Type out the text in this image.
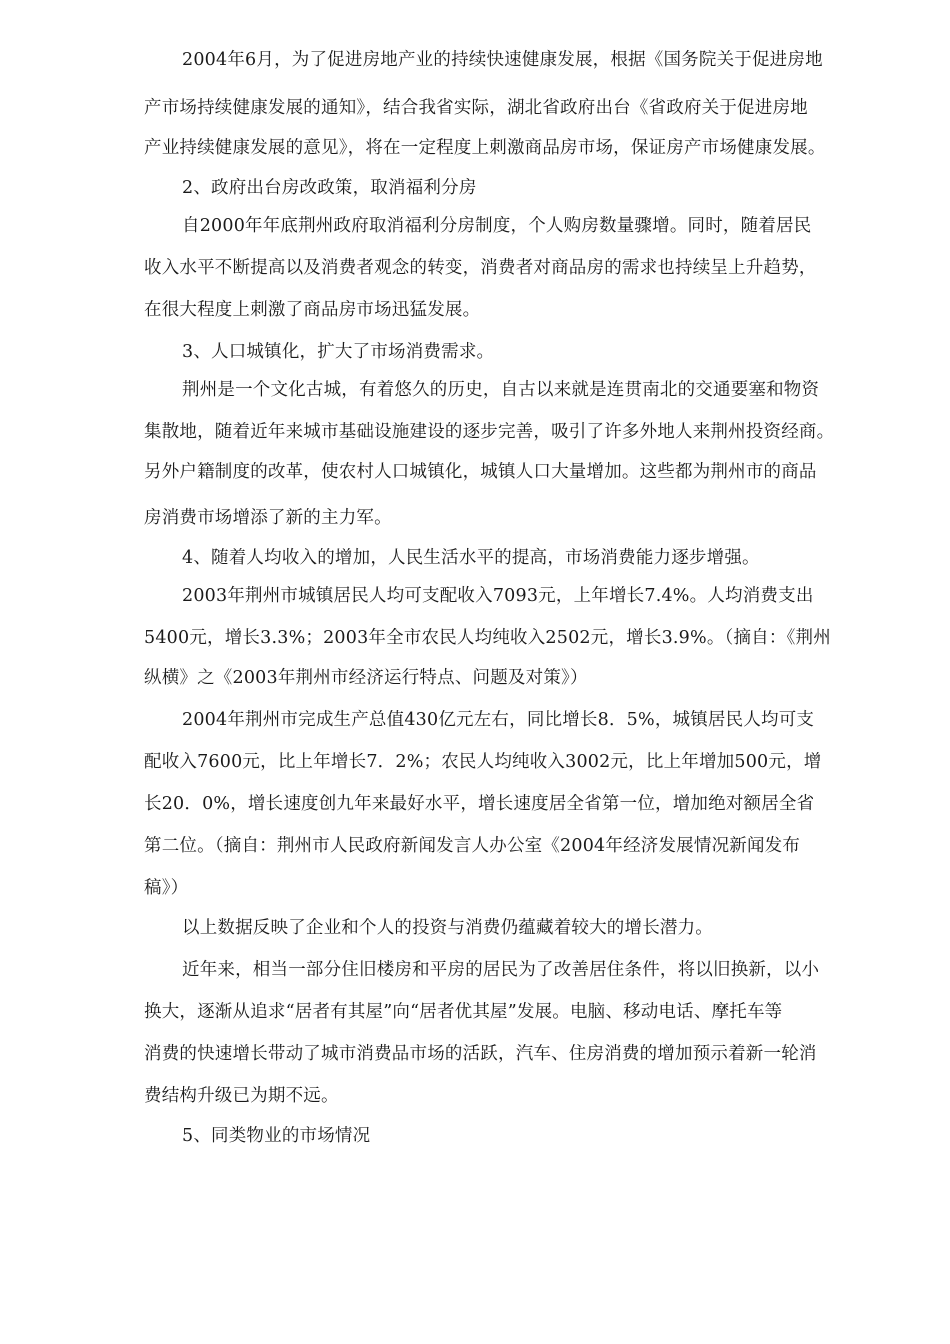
2004年6月，为了促进房地产业的持续快速健康发展，根据《国务院关于促进房地
产市场持续健康发展的通知》，结合我省实际，湖北省政府出台《省政府关于促进房地
产业持续健康发展的意见》，将在一定程度上刺激商品房市场，保证房产市场健康发展。
2、政府出台房改政策，取消福利分房
自2000年年底荆州政府取消福利分房制度，个人购房数量骤增。同时，随着居民
收入水平不断提高以及消费者观念的转变，消费者对商品房的需求也持续呈上升趋势，
在很大程度上刺激了商品房市场迅猛发展。
3、人口城镇化，扩大了市场消费需求。
荆州是一个文化古城，有着悠久的历史，自古以来就是连贯南北的交通要塞和物资
集散地，随着近年来城市基础设施建设的逐步完善，吸引了许多外地人来荆州投资经商。
另外户籍制度的改革，使农村人口城镇化，城镇人口大量增加。这些都为荆州市的商品
房消费市场增添了新的主力军。
4、随着人均收入的增加，人民生活水平的提高，市场消费能力逐步增强。
2003年荆州市城镇居民人均可支配收入7093元，上年增长7.4%。人均消费支出
5400元，增长3.3%；2003年全市农民人均纯收入2502元，增长3.9%。（摘自：《荆州
纵横》之《2003年荆州市经济运行特点、问题及对策》）
2004年荆州市完成生产总值430亿元左右，同比增长8．5%，城镇居民人均可支
配收入7600元，比上年增长7．2%；农民人均纯收入3002元，比上年增加500元，增
长20．0%，增长速度创九年来最好水平，增长速度居全省第一位，增加绝对额居全省
第二位。（摘自：荆州市人民政府新闻发言人办公室《2004年经济发展情况新闻发布
稿》）
以上数据反映了企业和个人的投资与消费仍蕴藏着较大的增长潜力。
近年来，相当一部分住旧楼房和平房的居民为了改善居住条件，将以旧换新，以小
换大，逐渐从追求“居者有其屋”向“居者优其屋”发展。电脑、移动电话、摩托车等
消费的快速增长带动了城市消费品市场的活跃，汽车、住房消费的增加预示着新一轮消
费结构升级已为期不远。
5、同类物业的市场情况
